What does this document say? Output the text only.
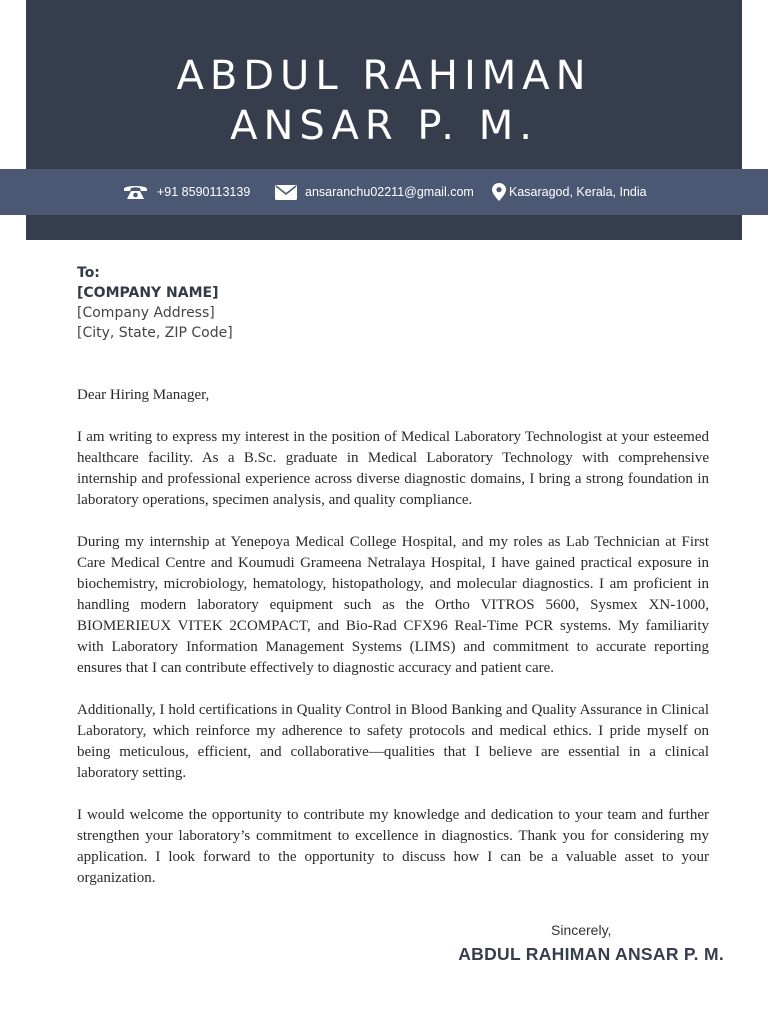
ABDUL RAHIMAN
ANSAR P. M.
+91 8590113139	ansaranchu02211@gmail.com	Kasaragod, Kerala, India
To:
[COMPANY NAME]
[Company Address]
[City, State, ZIP Code]

Dear Hiring Manager,

I am writing to express my interest in the position of Medical Laboratory Technologist at your esteemed healthcare facility. As a B.Sc. graduate in Medical Laboratory Technology with comprehensive internship and professional experience across diverse diagnostic domains, I bring a strong foundation in laboratory operations, specimen analysis, and quality compliance.

During my internship at Yenepoya Medical College Hospital, and my roles as Lab Technician at First Care Medical Centre and Koumudi Grameena Netralaya Hospital, I have gained practical exposure in biochemistry, microbiology, hematology, histopathology, and molecular diagnostics. I am proficient in handling modern laboratory equipment such as the Ortho VITROS 5600, Sysmex XN-1000, BIOMERIEUX VITEK 2COMPACT, and Bio-Rad CFX96 Real-Time PCR systems. My familiarity with Laboratory Information Management Systems (LIMS) and commitment to accurate reporting ensures that I can contribute effectively to diagnostic accuracy and patient care.

Additionally, I hold certifications in Quality Control in Blood Banking and Quality Assurance in Clinical Laboratory, which reinforce my adherence to safety protocols and medical ethics. I pride myself on being meticulous, efficient, and collaborative—qualities that I believe are essential in a clinical laboratory setting.

I would welcome the opportunity to contribute my knowledge and dedication to your team and further strengthen your laboratory’s commitment to excellence in diagnostics. Thank you for considering my application. I look forward to the opportunity to discuss how I can be a valuable asset to your organization.

Sincerely,
ABDUL RAHIMAN ANSAR P. M.
